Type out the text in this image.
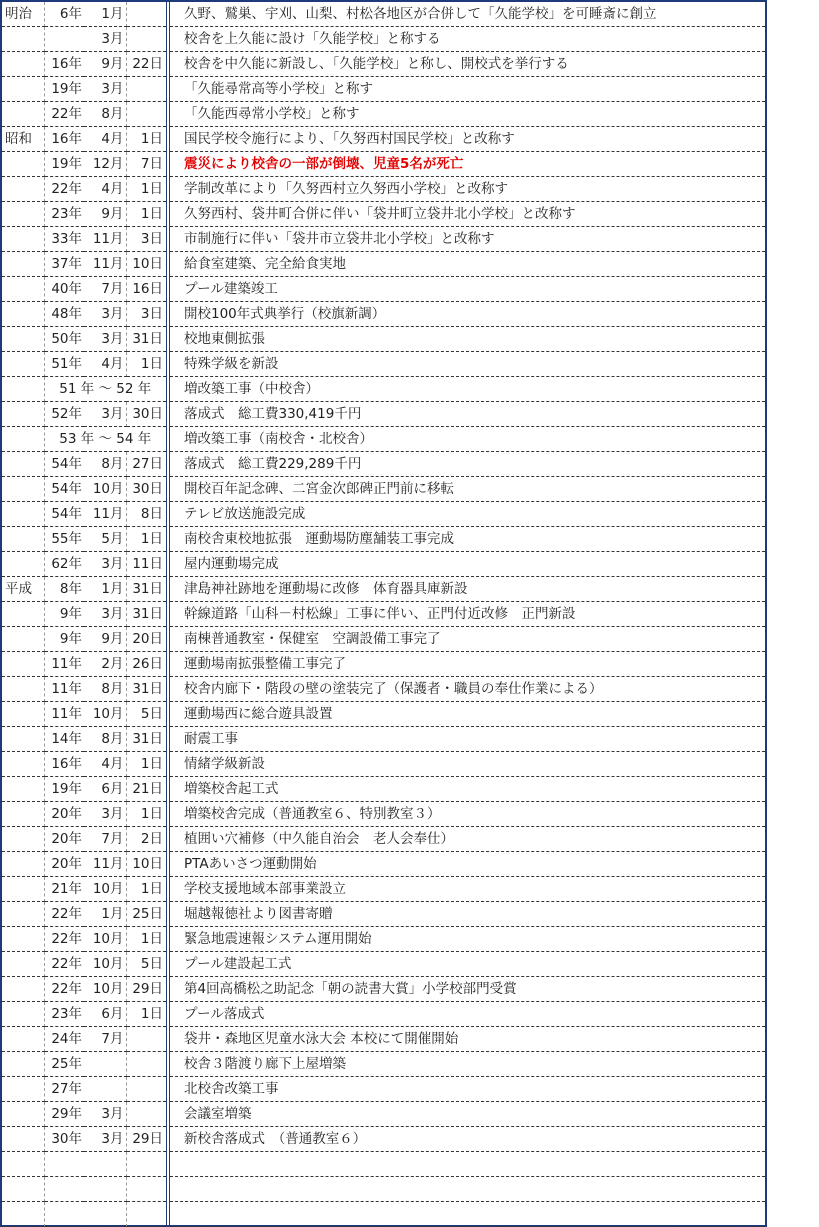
明治	6年	1月		久野、鷲巣、宇刈、山梨、村松各地区が合併して「久能学校」を可睡斎に創立
		3月		校舎を上久能に設け「久能学校」と称する
	16年	9月	22日	校舎を中久能に新設し、「久能学校」と称し、開校式を挙行する
	19年	3月		「久能尋常高等小学校」と称す
	22年	8月		「久能西尋常小学校」と称す
昭和	16年	4月	1日	国民学校令施行により、「久努西村国民学校」と改称す
	19年	12月	7日	震災により校舎の一部が倒壊、児童5名が死亡
	22年	4月	1日	学制改革により「久努西村立久努西小学校」と改称す
	23年	9月	1日	久努西村、袋井町合併に伴い「袋井町立袋井北小学校」と改称す
	33年	11月	3日	市制施行に伴い「袋井市立袋井北小学校」と改称す
	37年	11月	10日	給食室建築、完全給食実地
	40年	7月	16日	プール建築竣工
	48年	3月	3日	開校100年式典挙行（校旗新調）
	50年	3月	31日	校地東側拡張
	51年	4月	1日	特殊学級を新設
	51 年 ～ 52 年			増改築工事（中校舎）
	52年	3月	30日	落成式　総工費330,419千円
	53 年 ～ 54 年			増改築工事（南校舎・北校舎）
	54年	8月	27日	落成式　総工費229,289千円
	54年	10月	30日	開校百年記念碑、二宮金次郎碑正門前に移転
	54年	11月	8日	テレビ放送施設完成
	55年	5月	1日	南校舎東校地拡張　運動場防塵舗装工事完成
	62年	3月	11日	屋内運動場完成
平成	8年	1月	31日	津島神社跡地を運動場に改修　体育器具庫新設
	9年	3月	31日	幹線道路「山科－村松線」工事に伴い、正門付近改修　正門新設
	9年	9月	20日	南棟普通教室・保健室　空調設備工事完了
	11年	2月	26日	運動場南拡張整備工事完了
	11年	8月	31日	校舎内廊下・階段の壁の塗装完了（保護者・職員の奉仕作業による）
	11年	10月	5日	運動場西に総合遊具設置
	14年	8月	31日	耐震工事
	16年	4月	1日	情緒学級新設
	19年	6月	21日	増築校舎起工式
	20年	3月	1日	増築校舎完成（普通教室６、特別教室３）
	20年	7月	2日	植囲い穴補修（中久能自治会　老人会奉仕）
	20年	11月	10日	PTAあいさつ運動開始
	21年	10月	1日	学校支援地域本部事業設立
	22年	1月	25日	堀越報徳社より図書寄贈
	22年	10月	1日	緊急地震速報システム運用開始
	22年	10月	5日	プール建設起工式
	22年	10月	29日	第4回高橋松之助記念「朝の読書大賞」小学校部門受賞
	23年	6月	1日	プール落成式
	24年	7月		袋井・森地区児童水泳大会 本校にて開催開始
	25年			校舎３階渡り廊下上屋増築
	27年			北校舎改築工事
	29年	3月		会議室増築
	30年	3月	29日	新校舎落成式　（普通教室６）
